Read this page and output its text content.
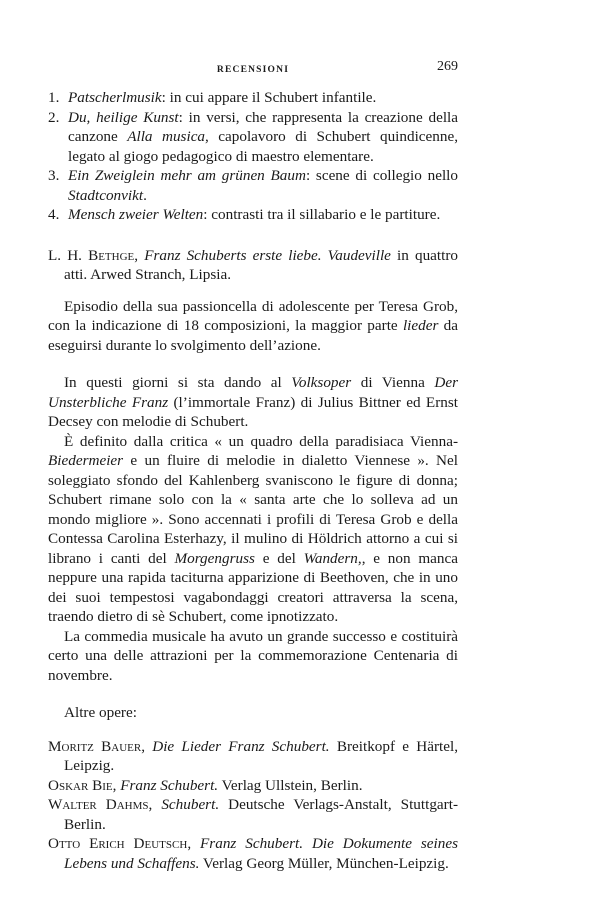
RECENSIONI	269
1. Patscherlmusik: in cui appare il Schubert infantile.
2. Du, heilige Kunst: in versi, che rappresenta la creazione della canzone Alla musica, capolavoro di Schubert quindicenne, legato al giogo pedagogico di maestro elementare.
3. Ein Zweiglein mehr am grünen Baum: scene di collegio nello Stadtconvikt.
4. Mensch zweier Welten: contrasti tra il sillabario e le partiture.

L. H. Bethge, Franz Schuberts erste liebe. Vaudeville in quattro atti. Arwed Stranch, Lipsia.

Episodio della sua passioncella di adolescente per Teresa Grob, con la indicazione di 18 composizioni, la maggior parte lieder da eseguirsi durante lo svolgimento dell’azione.

In questi giorni si sta dando al Volksoper di Vienna Der Unsterbliche Franz (l’immortale Franz) di Julius Bittner ed Ernst Decsey con melodie di Schubert.

È definito dalla critica « un quadro della paradisiaca Vienna-Biedermeier e un fluire di melodie in dialetto Viennese ». Nel soleggiato sfondo del Kahlenberg svaniscono le figure di donna; Schubert rimane solo con la « santa arte che lo solleva ad un mondo migliore ». Sono accennati i profili di Teresa Grob e della Contessa Carolina Esterhazy, il mulino di Höldrich attorno a cui si librano i canti del Morgengruss e del Wandern,, e non manca neppure una rapida taciturna apparizione di Beethoven, che in uno dei suoi tempestosi vagabondaggi creatori attraversa la scena, traendo dietro di sè Schubert, come ipnotizzato.

La commedia musicale ha avuto un grande successo e costituirà certo una delle attrazioni per la commemorazione Centenaria di novembre.

Altre opere:

Moritz Bauer, Die Lieder Franz Schubert. Breitkopf e Härtel, Leipzig.

Oskar Bie, Franz Schubert. Verlag Ullstein, Berlin.

Walter Dahms, Schubert. Deutsche Verlags-Anstalt, Stuttgart-Berlin.

Otto Erich Deutsch, Franz Schubert. Die Dokumente seines Lebens und Schaffens. Verlag Georg Müller, München-Leipzig.
